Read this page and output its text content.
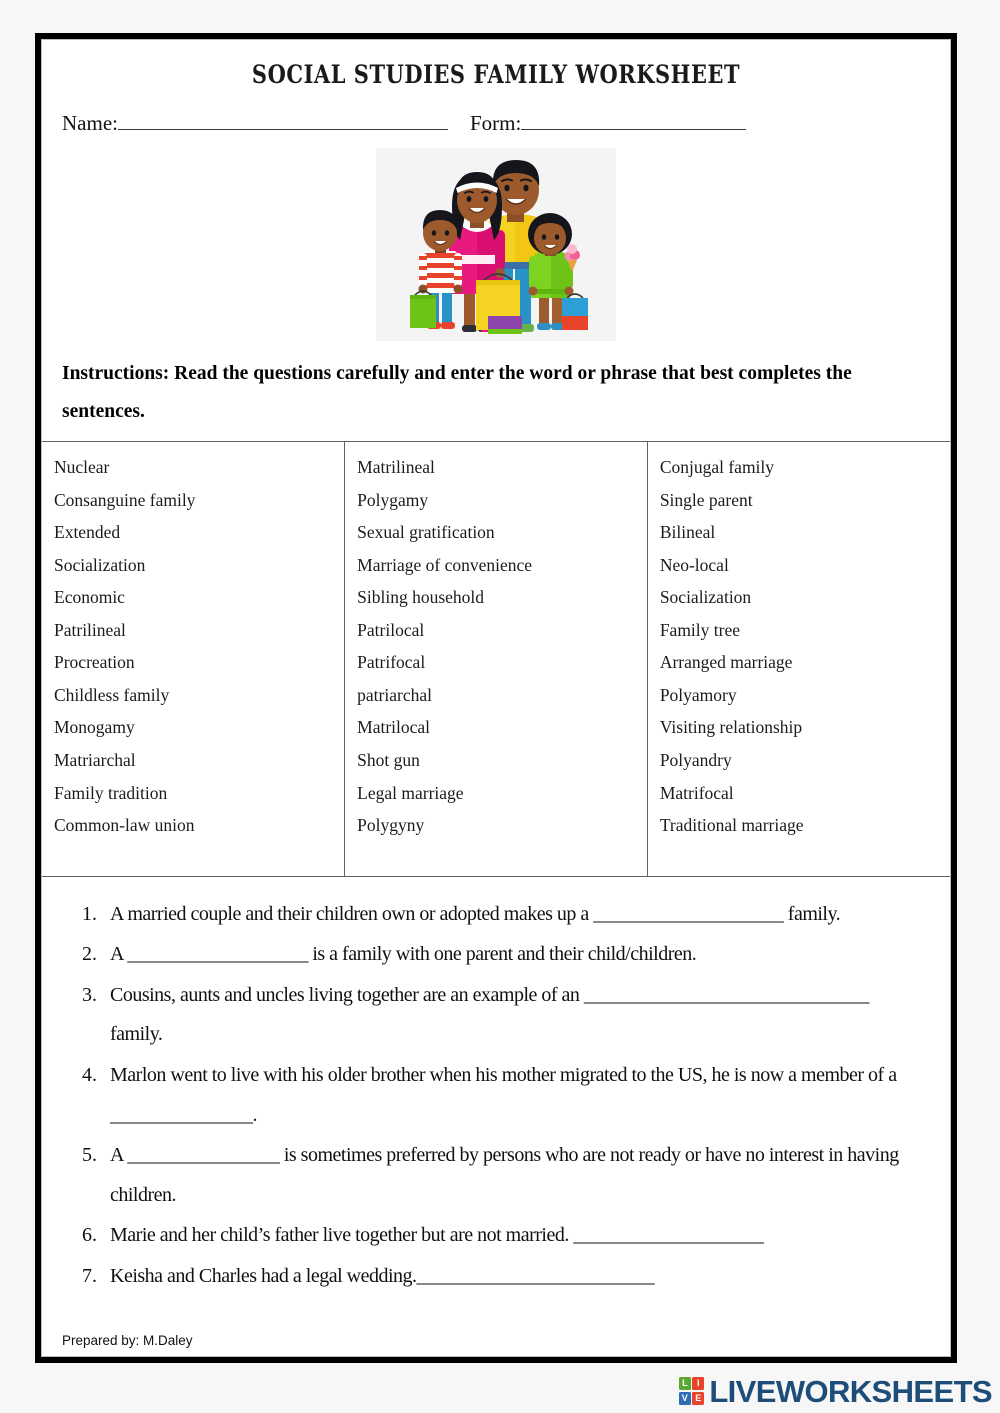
SOCIAL STUDIES FAMILY WORKSHEET
Name:	Form:
Instructions: Read the questions carefully and enter the word or phrase that best completes the sentences.
Nuclear
Consanguine family
Extended
Socialization
Economic
Patrilineal
Procreation
Childless family
Monogamy
Matriarchal
Family tradition
Common-law union

Matrilineal
Polygamy
Sexual gratification
Marriage of convenience
Sibling household
Patrilocal
Patrifocal
patriarchal
Matrilocal
Shot gun
Legal marriage
Polygyny

Conjugal family
Single parent
Bilineal
Neo-local
Socialization
Family tree
Arranged marriage
Polyamory
Visiting relationship
Polyandry
Matrifocal
Traditional marriage
A married couple and their children own or adopted makes up a ____________________ family.
A ___________________ is a family with one parent and their child/children.
Cousins, aunts and uncles living together are an example of an ______________________________ family.
Marlon went to live with his older brother when his mother migrated to the US, he is now a member of a _______________.
A ________________ is sometimes preferred by persons who are not ready or have no interest in having children.
Marie and her child’s father live together but are not married. ____________________
Keisha and Charles had a legal wedding._________________________
Prepared by: M.Daley
L	I
V E LIVEWORKSHEETS
